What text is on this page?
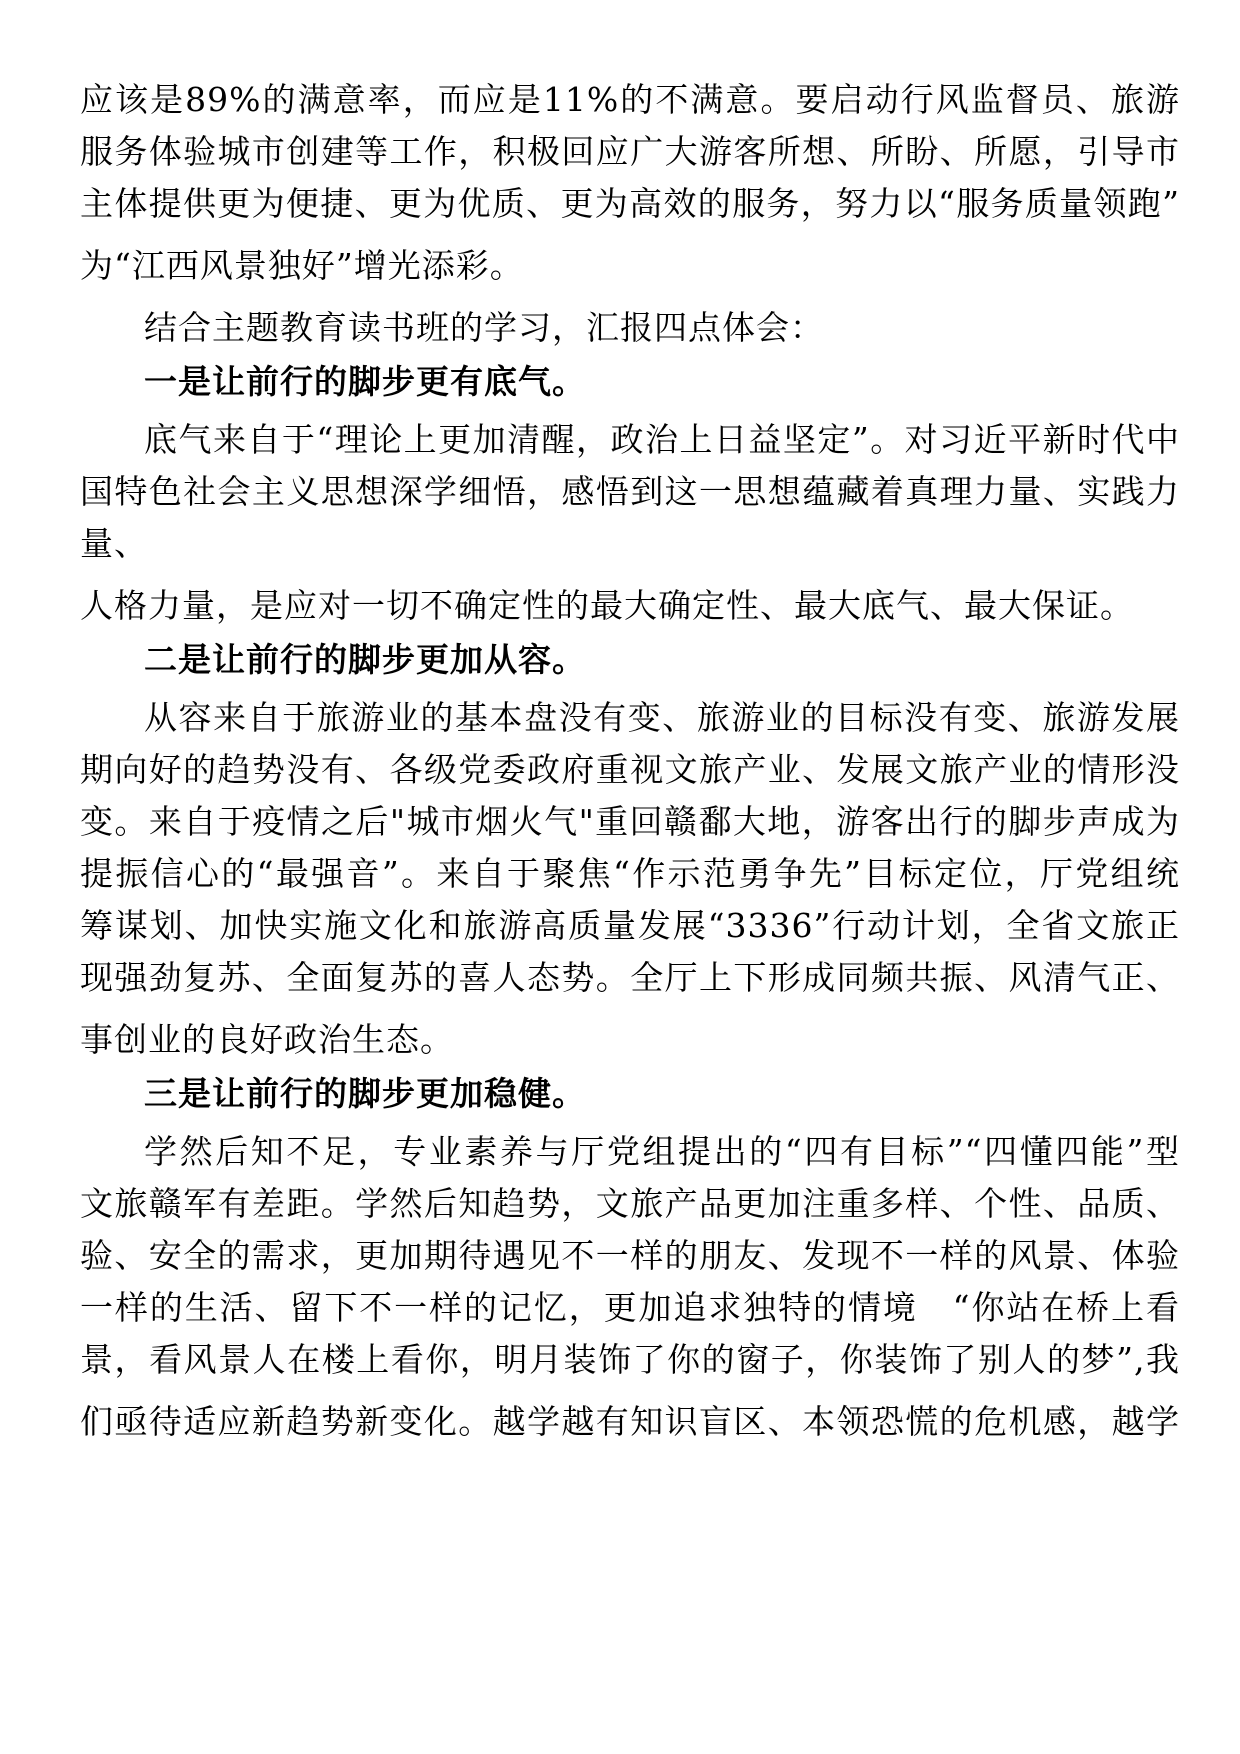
应该是89%的满意率，而应是11%的不满意。要启动行风监督员、旅游
服务体验城市创建等工作，积极回应广大游客所想、所盼、所愿，引导市
主体提供更为便捷、更为优质、更为高效的服务，努力以“服务质量领跑”
为“江西风景独好”增光添彩。
结合主题教育读书班的学习，汇报四点体会：
一是让前行的脚步更有底气。
底气来自于“理论上更加清醒，政治上日益坚定”。对习近平新时代中
国特色社会主义思想深学细悟，感悟到这一思想蕴藏着真理力量、实践力
量、
人格力量，是应对一切不确定性的最大确定性、最大底气、最大保证。
二是让前行的脚步更加从容。
从容来自于旅游业的基本盘没有变、旅游业的目标没有变、旅游发展
期向好的趋势没有、各级党委政府重视文旅产业、发展文旅产业的情形没
变。来自于疫情之后"城市烟火气"重回赣鄱大地，游客出行的脚步声成为
提振信心的“最强音”。来自于聚焦“作示范勇争先”目标定位，厅党组统
筹谋划、加快实施文化和旅游高质量发展“3336”行动计划，全省文旅正
现强劲复苏、全面复苏的喜人态势。全厅上下形成同频共振、风清气正、
事创业的良好政治生态。
三是让前行的脚步更加稳健。
学然后知不足，专业素养与厅党组提出的“四有目标”“四懂四能”型
文旅赣军有差距。学然后知趋势，文旅产品更加注重多样、个性、品质、
验、安全的需求，更加期待遇见不一样的朋友、发现不一样的风景、体验
一样的生活、留下不一样的记忆，更加追求独特的情境　“你站在桥上看
景，看风景人在楼上看你，明月装饰了你的窗子，你装饰了别人的梦”,我
们亟待适应新趋势新变化。越学越有知识盲区、本领恐慌的危机感，越学
